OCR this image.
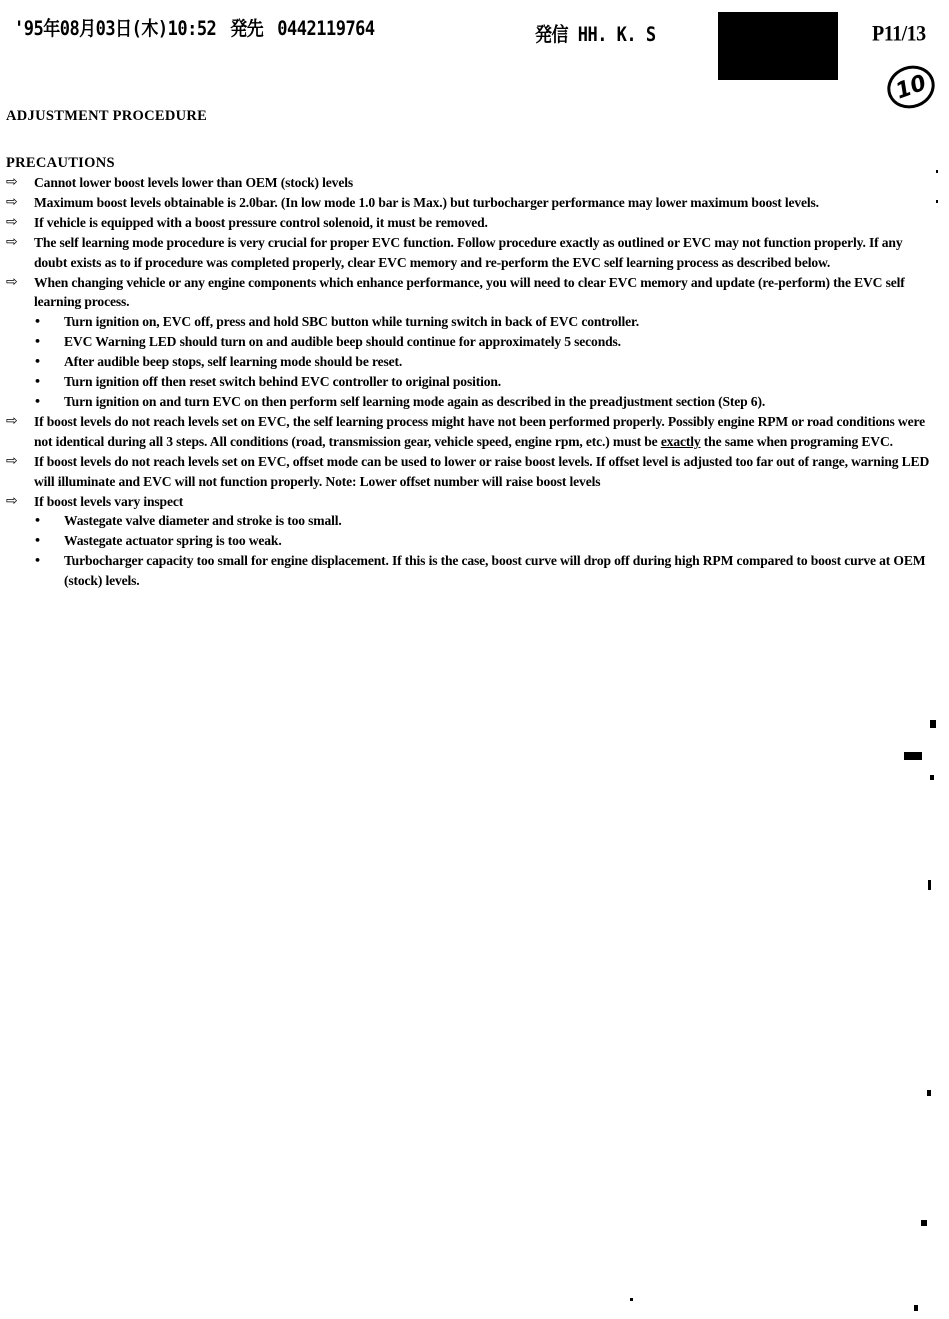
'95年08月03日(木)10:52 発先 0442119764	発信 HH. K. S	P11/13
10
ADJUSTMENT PROCEDURE
PRECAUTIONS
⇨	Cannot lower boost levels lower than OEM (stock) levels
⇨	Maximum boost levels obtainable is 2.0bar. (In low mode 1.0 bar is Max.) but turbocharger performance may lower maximum boost levels.
⇨	If vehicle is equipped with a boost pressure control solenoid, it must be removed.
⇨	The self learning mode procedure is very crucial for proper EVC function. Follow procedure exactly as outlined or EVC may not function properly. If any doubt exists as to if procedure was completed properly, clear EVC memory and re-perform the EVC self learning process as described below.
⇨	When changing vehicle or any engine components which enhance performance, you will need to clear EVC memory and update (re-perform) the EVC self learning process.
• Turn ignition on, EVC off, press and hold SBC button while turning switch in back of EVC controller.
• EVC Warning LED should turn on and audible beep should continue for approximately 5 seconds.
• After audible beep stops, self learning mode should be reset.
• Turn ignition off then reset switch behind EVC controller to original position.
• Turn ignition on and turn EVC on then perform self learning mode again as described in the preadjustment section (Step 6).
⇨	If boost levels do not reach levels set on EVC, the self learning process might have not been performed properly. Possibly engine RPM or road conditions were not identical during all 3 steps. All conditions (road, transmission gear, vehicle speed, engine rpm, etc.) must be exactly the same when programing EVC.
⇨	If boost levels do not reach levels set on EVC, offset mode can be used to lower or raise boost levels. If offset level is adjusted too far out of range, warning LED will illuminate and EVC will not function properly. Note: Lower offset number will raise boost levels
⇨	If boost levels vary inspect
• Wastegate valve diameter and stroke is too small.
• Wastegate actuator spring is too weak.
• Turbocharger capacity too small for engine displacement. If this is the case, boost curve will drop off during high RPM compared to boost curve at OEM (stock) levels.
